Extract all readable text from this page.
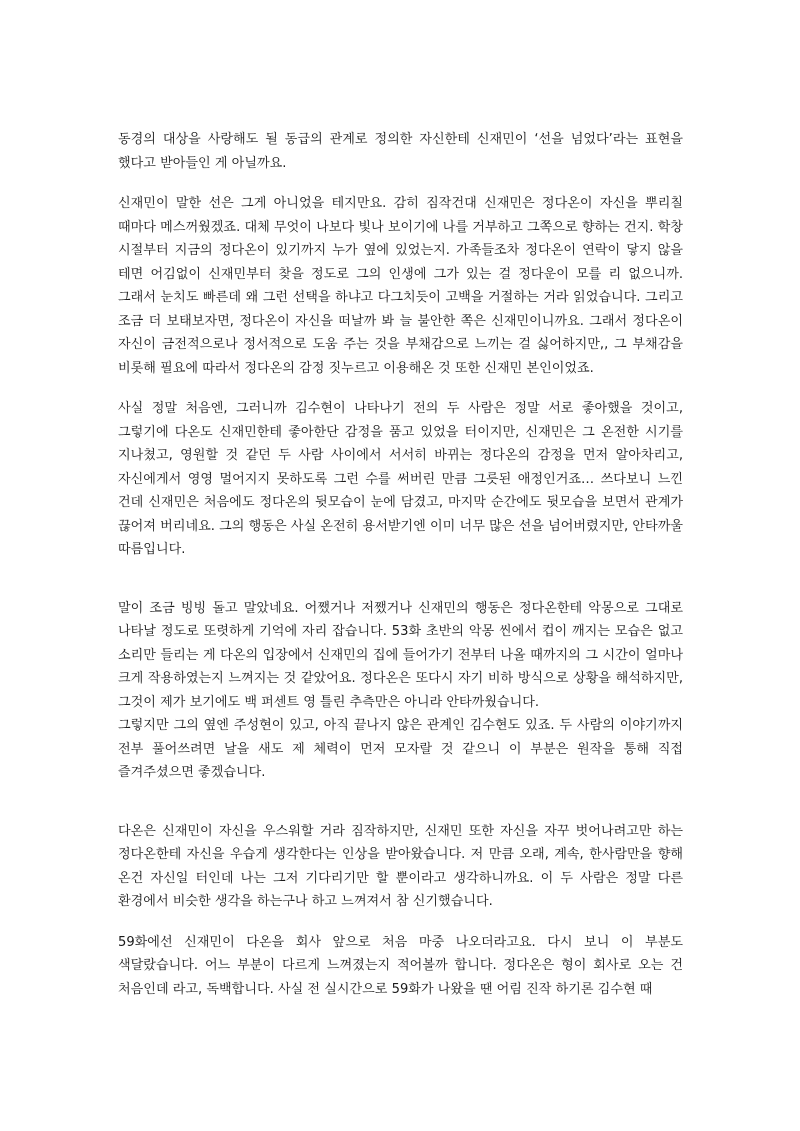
동경의 대상을 사랑해도 될 동급의 관계로 정의한 자신한테 신재민이 ‘선을 넘었다’라는 표현을 했다고 받아들인 게 아닐까요.

신재민이 말한 선은 그게 아니었을 테지만요. 감히 짐작건대 신재민은 정다온이 자신을 뿌리칠 때마다 메스꺼웠겠죠. 대체 무엇이 나보다 빛나 보이기에 나를 거부하고 그쪽으로 향하는 건지. 학창 시절부터 지금의 정다온이 있기까지 누가 옆에 있었는지. 가족들조차 정다온이 연락이 닿지 않을 테면 어김없이 신재민부터 찾을 정도로 그의 인생에 그가 있는 걸 정다운이 모를 리 없으니까. 그래서 눈치도 빠른데 왜 그런 선택을 하냐고 다그치듯이 고백을 거절하는 거라 읽었습니다. 그리고 조금 더 보태보자면, 정다온이 자신을 떠날까 봐 늘 불안한 쪽은 신재민이니까요. 그래서 정다온이 자신이 금전적으로나 정서적으로 도움 주는 것을 부채감으로 느끼는 걸 싫어하지만,, 그 부채감을 비롯해 필요에 따라서 정다온의 감정 짓누르고 이용해온 것 또한 신재민 본인이었죠.

사실 정말 처음엔, 그러니까 김수현이 나타나기 전의 두 사람은 정말 서로 좋아했을 것이고, 그렇기에 다온도 신재민한테 좋아한단 감정을 품고 있었을 터이지만, 신재민은 그 온전한 시기를 지나쳤고, 영원할 것 같던 두 사람 사이에서 서서히 바뀌는 정다온의 감정을 먼저 알아차리고, 자신에게서 영영 멀어지지 못하도록 그런 수를 써버린 만큼 그릇된 애정인거죠… 쓰다보니 느낀 건데 신재민은 처음에도 정다온의 뒷모습이 눈에 담겼고, 마지막 순간에도 뒷모습을 보면서 관계가 끊어져 버리네요. 그의 행동은 사실 온전히 용서받기엔 이미 너무 많은 선을 넘어버렸지만, 안타까울 따름입니다.

말이 조금 빙빙 돌고 말았네요. 어쨌거나 저쨌거나 신재민의 행동은 정다온한테 악몽으로 그대로 나타날 정도로 또렷하게 기억에 자리 잡습니다. 53화 초반의 악몽 씬에서 컵이 깨지는 모습은 없고 소리만 들리는 게 다온의 입장에서 신재민의 집에 들어가기 전부터 나올 때까지의 그 시간이 얼마나 크게 작용하였는지 느껴지는 것 같았어요. 정다온은 또다시 자기 비하 방식으로 상황을 해석하지만, 그것이 제가 보기에도 백 퍼센트 영 틀린 추측만은 아니라 안타까웠습니다.

그렇지만 그의 옆엔 주성현이 있고, 아직 끝나지 않은 관계인 김수현도 있죠. 두 사람의 이야기까지 전부 풀어쓰려면 날을 새도 제 체력이 먼저 모자랄 것 같으니 이 부분은 원작을 통해 직접 즐겨주셨으면 좋겠습니다.

다온은 신재민이 자신을 우스워할 거라 짐작하지만, 신재민 또한 자신을 자꾸 벗어나려고만 하는 정다온한테 자신을 우습게 생각한다는 인상을 받아왔습니다. 저 만큼 오래, 계속, 한사람만을 향해 온건 자신일 터인데 나는 그저 기다리기만 할 뿐이라고 생각하니까요. 이 두 사람은 정말 다른 환경에서 비슷한 생각을 하는구나 하고 느껴져서 참 신기했습니다.

59화에선 신재민이 다온을 회사 앞으로 처음 마중 나오더라고요. 다시 보니 이 부분도 색달랐습니다. 어느 부분이 다르게 느껴졌는지 적어볼까 합니다. 정다온은 형이 회사로 오는 건 처음인데 라고, 독백합니다. 사실 전 실시간으로 59화가 나왔을 땐 어림 진작 하기론 김수현 때
